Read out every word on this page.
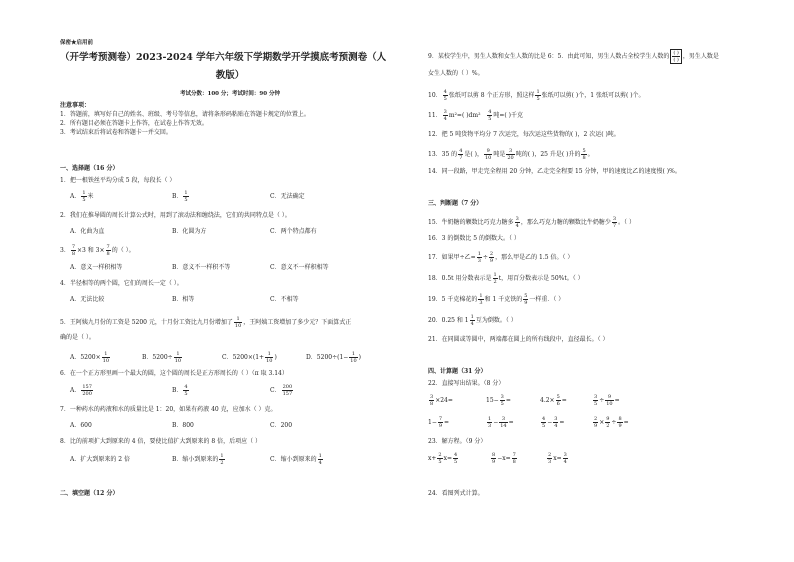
保密★启用前
（开学考预测卷）2023-2024 学年六年级下学期数学开学摸底考预测卷（人
教版）
考试分数：100 分；考试时间：90 分钟
注意事项：
1．答题前，填写好自己的姓名、班级、考号等信息，请将条形码粘贴在答题卡规定的位置上。
2．所有题目必须在答题卡上作答，在试卷上作答无效。
3．考试结束后将试卷和答题卡一并交回。
一、选择题（16 分）
1．把一根铁丝平均分成 5 段，每段长（ ）
A． $\frac{1}{5}$ 米	B． $\frac{1}{5}$	C．无法确定
2．我们在推导圆的周长计算公式时，用到了滚动法和缠绕法，它们的共同特点是（ ）。
A．化曲为直	B．化圆为方	C．两个特点都有
3． $\frac{7}{8} \times 3$ 和 $3\times \frac{7}{8}$ 的（ ）。
A．意义一样积相等	B．意义不一样积不等	C．意义不一样积相等
4．半径相等的两个圆，它们的周长一定（ ）。
A．无法比较	B．相等	C．不相等
5．王阿姨九月份的工资是 5200 元，十月份工资比九月份增加了 $\frac{1}{10}$ ，王阿姨工资增加了多少元？下面算式正
确的是（ ）。
A．$5200\times \frac{1}{10}$	B．$5200\div \frac{1}{10}$	C．$5200\times(1+ \frac{1}{10}$ )	D．$5200\div(1- \frac{1}{10}$ )
6．在一个正方形里画一个最大的圆，这个圆的周长是正方形周长的（ ）（π 取 3.14）
A． $\frac{157}{200}$	B． $\frac{4}{5}$	C． $\frac{200}{157}$
7．一种药水的药液和水的质量比是 1：20，如果有药液 40 克，应加水（ ）克。
A．600	B．800	C．200
8．比的前项扩大到原来的 4 倍，要使比值扩大到原来的 8 倍，后项应（ ）
A．扩大到原来的 2 倍	B．缩小到原来的 $\frac{1}{2}$	C．缩小到原来的 $\frac{1}{4}$
二、填空题（12 分）
9．某校学生中，男生人数和女生人数的比是 6：5．由此可知，男生人数占全校学生人数的 $\frac{( )}{( )}$ ，男生人数是
女生人数的（ ）%。
10． $\frac{4}{5}$ 张纸可以剪 8 个正方形，照这样 $\frac{1}{5}$ 张纸可以剪( )个，1 张纸可以剪( )个。
11． $\frac{3}{4} m^2=$( )$dm^2 \frac{4}{5}$ 吨=( )千克
12．把 5 吨货物平均分 7 次运完，每次运这些货物的( )，2 次运( )吨。
13．35 的 $\frac{4}{7}$ 是( )， $\frac{9}{10}$ 吨是 $\frac{3}{20}$ 吨的( )，25 升是( )升的 $\frac{5}{8}$ 。
14．同一段路，甲走完全程用 20 分钟，乙走完全程要 15 分钟，甲的速度比乙的速度慢( )%。
三、判断题（7 分）
15．牛奶糖的颗数比巧克力糖多 $\frac{3}{4}$ ，那么巧克力糖的颗数比牛奶糖少 $\frac{3}{7}$ 。（ ）
16．3 的倒数比 5 的倒数大。（ ）
17．如果甲÷乙= $\frac{1}{3} \div \frac{2}{9}$ ，那么甲是乙的 1.5 倍。（ ）
18．0.5t 用分数表示是 $\frac{1}{2}$ t，用百分数表示是 50%t。（ ）
19．5 千克棉花的 $\frac{1}{3}$ 和 1 千克铁的 $\frac{5}{9}$ 一样重．（ ）
20．0.25 和 $1 \frac{1}{4}$ 互为倒数。（ ）
21．在同圆或等圆中，两端都在圆上的所有线段中，直径最长。（ ）
四、计算题（31 分）
22．直接写出结果。（8 分）
$\frac{3}{8} \times 24=$	$15- \frac{3}{5}$ =	$4.2\times \frac{5}{6}$ =	$\frac{3}{5} \div \frac{9}{10}$ =
$1- \frac{7}{9}$ =	$\frac{1}{3} - \frac{3}{14}$ =	$\frac{4}{5} - \frac{3}{4}$ =	$\frac{2}{9} \times \frac{9}{2} \div \frac{8}{9}$ =
23．解方程。（9 分）
$x+ \frac{2}{5} x= \frac{4}{5}$	$\frac{8}{9} -x= \frac{7}{8}$	$\frac{2}{3} x= \frac{3}{4}$
24．看图列式计算。
